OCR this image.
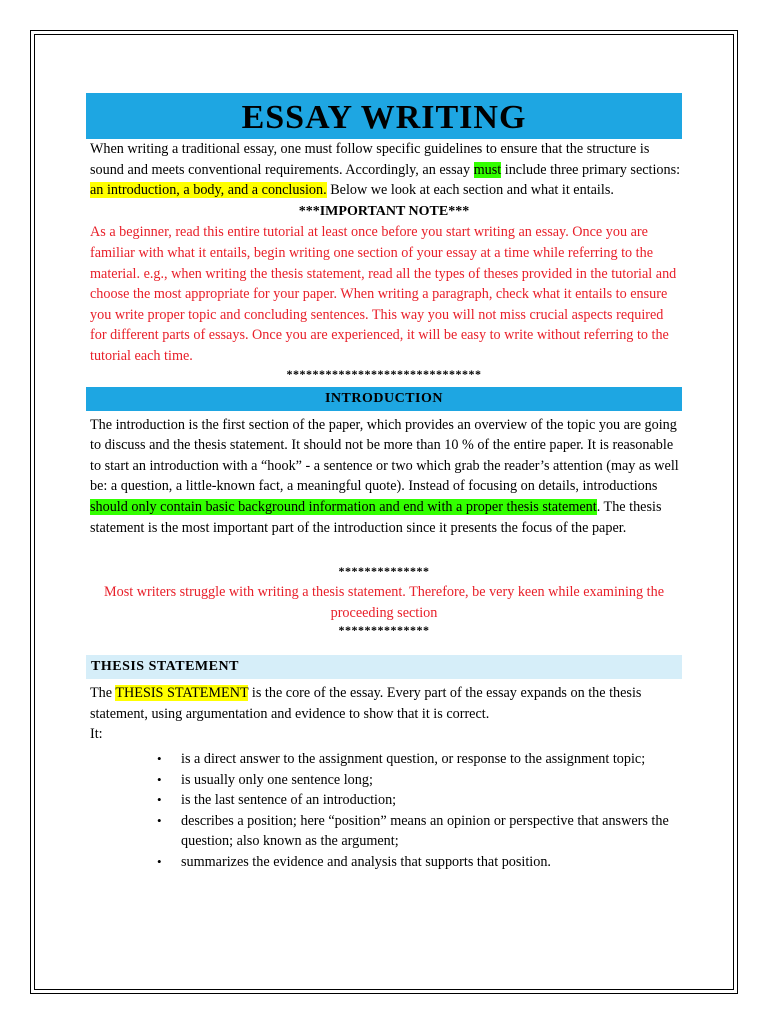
ESSAY WRITING

When writing a traditional essay, one must follow specific guidelines to ensure that the structure is sound and meets conventional requirements. Accordingly, an essay must include three primary sections: an introduction, a body, and a conclusion. Below we look at each section and what it entails.

***IMPORTANT NOTE***

As a beginner, read this entire tutorial at least once before you start writing an essay. Once you are familiar with what it entails, begin writing one section of your essay at a time while referring to the material. e.g., when writing the thesis statement, read all the types of theses provided in the tutorial and choose the most appropriate for your paper. When writing a paragraph, check what it entails to ensure you write proper topic and concluding sentences. This way you will not miss crucial aspects required for different parts of essays. Once you are experienced, it will be easy to write without referring to the tutorial each time.

******************************

INTRODUCTION

The introduction is the first section of the paper, which provides an overview of the topic you are going to discuss and the thesis statement. It should not be more than 10 % of the entire paper. It is reasonable to start an introduction with a “hook” - a sentence or two which grab the reader’s attention (may as well be: a question, a little-known fact, a meaningful quote). Instead of focusing on details, introductions should only contain basic background information and end with a proper thesis statement. The thesis statement is the most important part of the introduction since it presents the focus of the paper.

**************

Most writers struggle with writing a thesis statement. Therefore, be very keen while examining the proceeding section

**************

THESIS STATEMENT

The THESIS STATEMENT is the core of the essay. Every part of the essay expands on the thesis statement, using argumentation and evidence to show that it is correct.

It:

• is a direct answer to the assignment question, or response to the assignment topic;
• is usually only one sentence long;
• is the last sentence of an introduction;
• describes a position; here “position” means an opinion or perspective that answers the question; also known as the argument;
• summarizes the evidence and analysis that supports that position.
